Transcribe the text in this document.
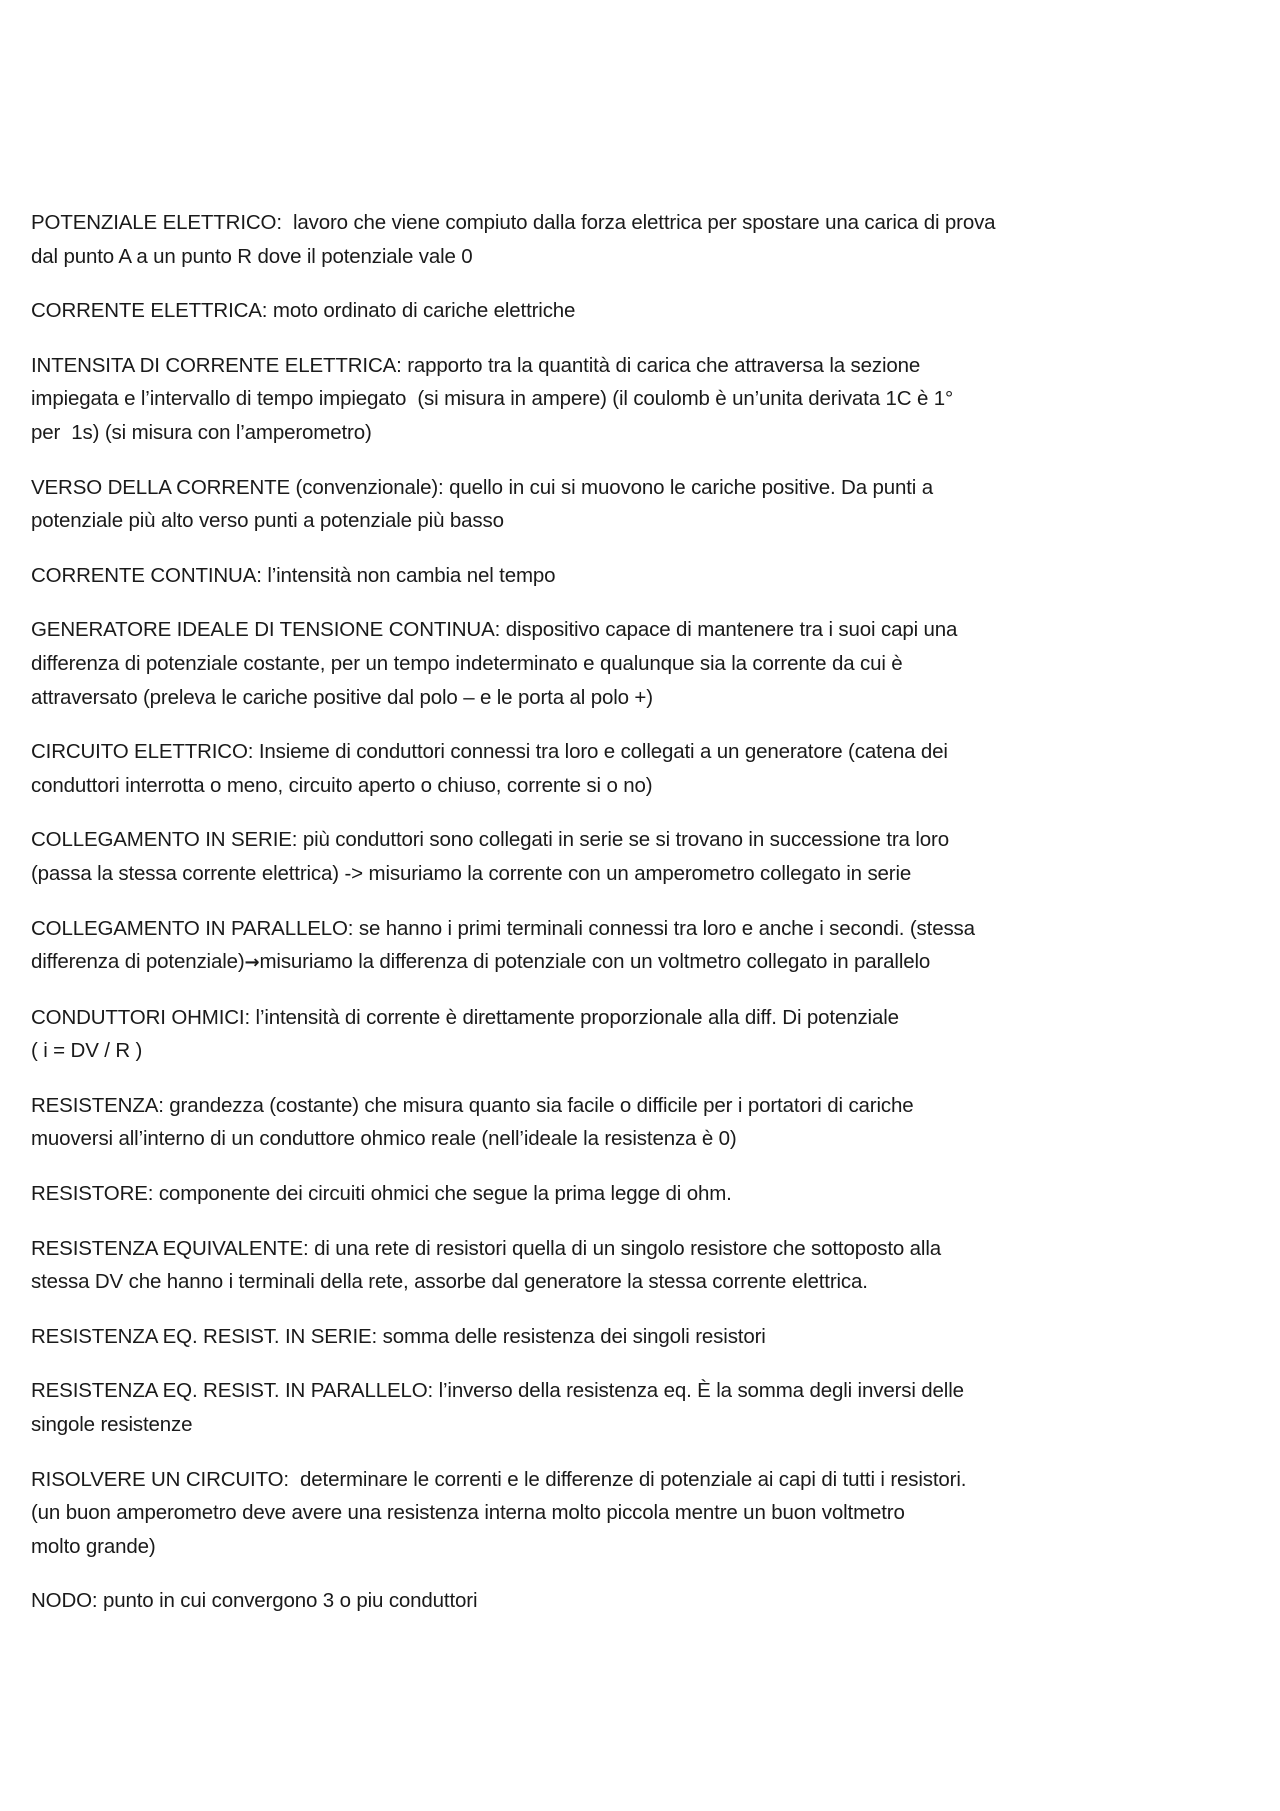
POTENZIALE ELETTRICO:  lavoro che viene compiuto dalla forza elettrica per spostare una carica di prova
dal punto A a un punto R dove il potenziale vale 0
CORRENTE ELETTRICA: moto ordinato di cariche elettriche
INTENSITA DI CORRENTE ELETTRICA: rapporto tra la quantità di carica che attraversa la sezione
impiegata e l’intervallo di tempo impiegato  (si misura in ampere) (il coulomb è un’unita derivata 1C è 1°
per  1s) (si misura con l’amperometro)
VERSO DELLA CORRENTE (convenzionale): quello in cui si muovono le cariche positive. Da punti a
potenziale più alto verso punti a potenziale più basso
CORRENTE CONTINUA: l’intensità non cambia nel tempo
GENERATORE IDEALE DI TENSIONE CONTINUA: dispositivo capace di mantenere tra i suoi capi una
differenza di potenziale costante, per un tempo indeterminato e qualunque sia la corrente da cui è
attraversato (preleva le cariche positive dal polo – e le porta al polo +)
CIRCUITO ELETTRICO: Insieme di conduttori connessi tra loro e collegati a un generatore (catena dei
conduttori interrotta o meno, circuito aperto o chiuso, corrente si o no)
COLLEGAMENTO IN SERIE: più conduttori sono collegati in serie se si trovano in successione tra loro
(passa la stessa corrente elettrica) -> misuriamo la corrente con un amperometro collegato in serie
COLLEGAMENTO IN PARALLELO: se hanno i primi terminali connessi tra loro e anche i secondi. (stessa
differenza di potenziale)→misuriamo la differenza di potenziale con un voltmetro collegato in parallelo
CONDUTTORI OHMICI: l’intensità di corrente è direttamente proporzionale alla diff. Di potenziale
( i = DV / R )
RESISTENZA: grandezza (costante) che misura quanto sia facile o difficile per i portatori di cariche
muoversi all’interno di un conduttore ohmico reale (nell’ideale la resistenza è 0)
RESISTORE: componente dei circuiti ohmici che segue la prima legge di ohm.
RESISTENZA EQUIVALENTE: di una rete di resistori quella di un singolo resistore che sottoposto alla
stessa DV che hanno i terminali della rete, assorbe dal generatore la stessa corrente elettrica.
RESISTENZA EQ. RESIST. IN SERIE: somma delle resistenza dei singoli resistori
RESISTENZA EQ. RESIST. IN PARALLELO: l’inverso della resistenza eq. È la somma degli inversi delle
singole resistenze
RISOLVERE UN CIRCUITO:  determinare le correnti e le differenze di potenziale ai capi di tutti i resistori.
(un buon amperometro deve avere una resistenza interna molto piccola mentre un buon voltmetro
molto grande)
NODO: punto in cui convergono 3 o piu conduttori
